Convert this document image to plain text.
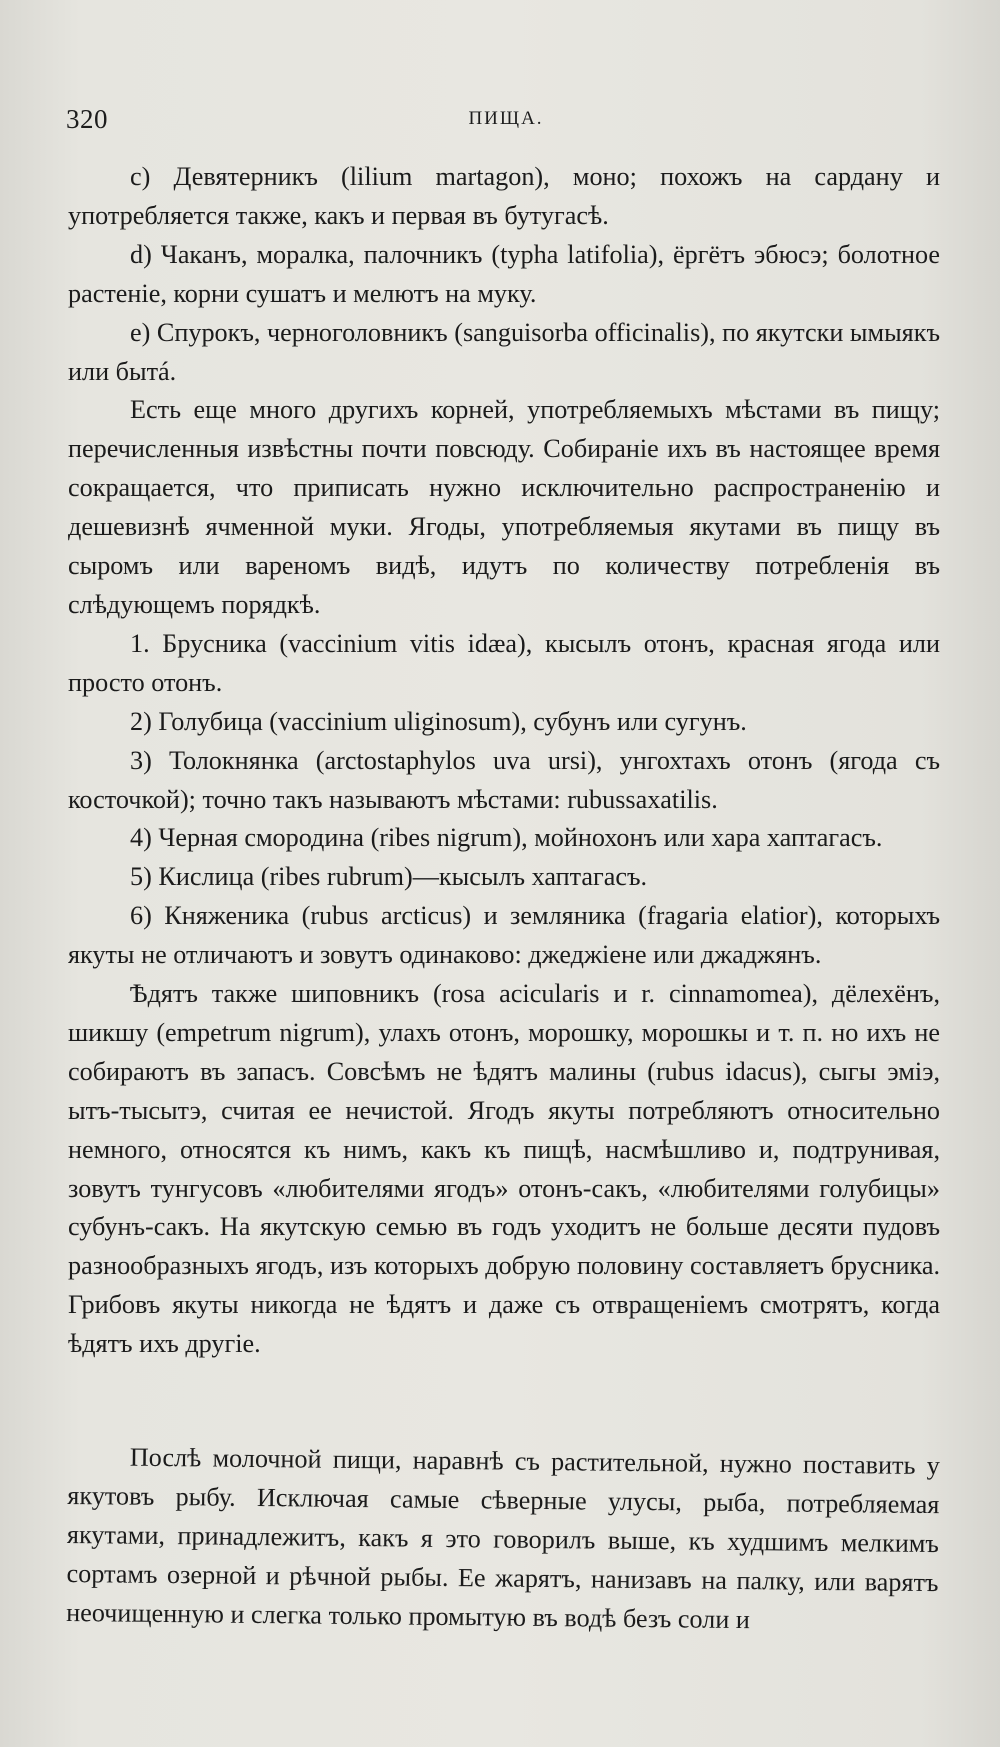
320	ПИЩА.

с) Девятерникъ (lilium martagon), моно; похожъ на сардану и употребляется также, какъ и первая въ бутугасѣ.

d) Чаканъ, моралка, палочникъ (typha latifolia), ёргётъ эбюсэ; болотное растеніе, корни сушатъ и мелютъ на муку.

e) Спурокъ, черноголовникъ (sanguisorba officinalis), по якутски ымыякъ или бытá.

Есть еще много другихъ корней, употребляемыхъ мѣстами въ пищу; перечисленныя извѣстны почти повсюду. Собираніе ихъ въ настоящее время сокращается, что приписать нужно исключительно распространенію и дешевизнѣ ячменной муки. Ягоды, употребляемыя якутами въ пищу въ сыромъ или вареномъ видѣ, идутъ по количеству потребленія въ слѣдующемъ порядкѣ.

1. Брусника (vaccinium vitis idæa), кысылъ отонъ, красная ягода или просто отонъ.

2) Голубица (vaccinium uliginosum), субунъ или сугунъ.

3) Толокнянка (arctostaphylos uva ursi), унгохтахъ отонъ (ягода съ косточкой); точно такъ называютъ мѣстами: rubussaxatilis.

4) Черная смородина (ribes nigrum), мойнохонъ или хара хаптагасъ.

5) Кислица (ribes rubrum)—кысылъ хаптагасъ.

6) Княженика (rubus arcticus) и земляника (fragaria elatior), которыхъ якуты не отличаютъ и зовутъ одинаково: джеджіене или джаджянъ.

Ѣдятъ также шиповникъ (rosa acicularis и r. cinnamomea), дёлехёнъ, шикшу (empetrum nigrum), улахъ отонъ, морошку, морошкы и т. п. но ихъ не собираютъ въ запасъ. Совсѣмъ не ѣдятъ малины (rubus idacus), сыгы эмiэ, ытъ-тысытэ, считая ее нечистой. Ягодъ якуты потребляютъ относительно немного, относятся къ нимъ, какъ къ пищѣ, насмѣшливо и, подтрунивая, зовутъ тунгусовъ «любителями ягодъ» отонъ-сакъ, «любителями голубицы» субунъ-сакъ. На якутскую семью въ годъ уходитъ не больше десяти пудовъ разнообразныхъ ягодъ, изъ которыхъ добрую половину составляетъ брусника. Грибовъ якуты никогда не ѣдятъ и даже съ отвращеніемъ смотрятъ, когда ѣдятъ ихъ другіе.

Послѣ молочной пищи, наравнѣ съ растительной, нужно поставить у якутовъ рыбу. Исключая самые сѣверные улусы, рыба, потребляемая якутами, принадлежитъ, какъ я это говорилъ выше, къ худшимъ мелкимъ сортамъ озерной и рѣчной рыбы. Ее жарятъ, нанизавъ на палку, или варятъ неочищенную и слегка только промытую въ водѣ безъ соли и
